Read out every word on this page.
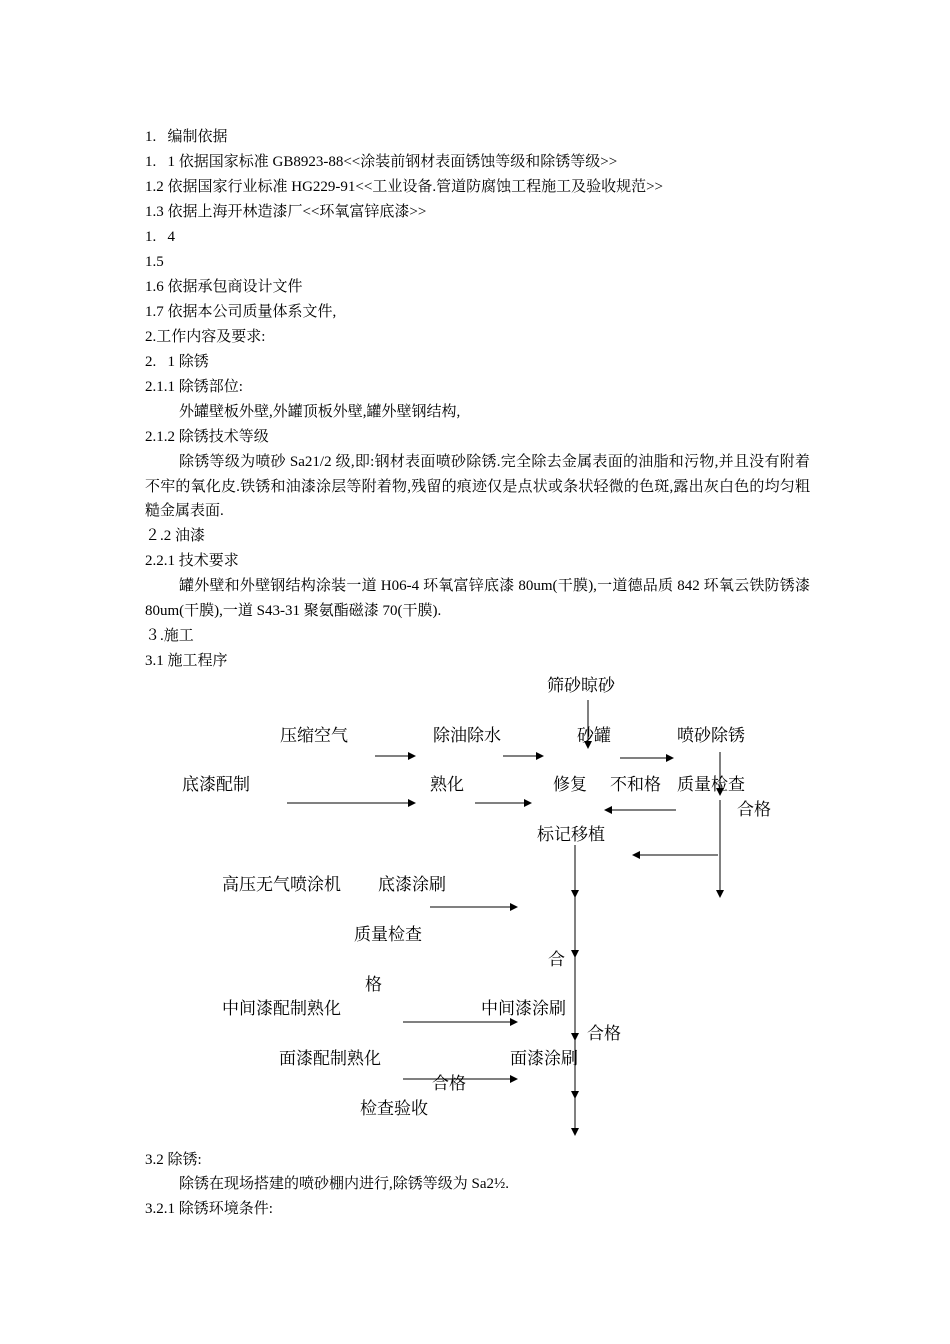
1.   编制依据
1.   1 依据国家标准 GB8923-88<<涂装前钢材表面锈蚀等级和除锈等级>>
1.2 依据国家行业标准 HG229-91<<工业设备.管道防腐蚀工程施工及验收规范>>
1.3 依据上海开林造漆厂<<环氧富锌底漆>>
1.   4
1.5
1.6 依据承包商设计文件
1.7 依据本公司质量体系文件,
2.工作内容及要求:
2.   1 除锈
2.1.1 除锈部位:
外罐壁板外壁,外罐顶板外壁,罐外壁钢结构,
2.1.2 除锈技术等级
除锈等级为喷砂 Sa21/2 级,即:钢材表面喷砂除锈.完全除去金属表面的油脂和污物,并且没有附着不牢的氧化皮.铁锈和油漆涂层等附着物,残留的痕迹仅是点状或条状轻微的色斑,露出灰白色的均匀粗糙金属表面.
２.2 油漆
2.2.1 技术要求
罐外壁和外壁钢结构涂装一道 H06-4 环氧富锌底漆 80um(干膜),一道德品质 842 环氧云铁防锈漆 80um(干膜),一道 S43-31 聚氨酯磁漆 70(干膜).
３.施工
3.1 施工程序
筛砂晾砂
压缩空气	除油除水	砂罐	喷砂除锈
底漆配制	熟化	修复 不和格 质量检查
合格
标记移植
高压无气喷涂机 底漆涂刷
质量检查
合
格
中间漆配制熟化	中间漆涂刷
合格
面漆配制熟化	面漆涂刷
合格
检查验收
3.2 除锈:
除锈在现场搭建的喷砂棚内进行,除锈等级为 Sa2½.
3.2.1 除锈环境条件:
